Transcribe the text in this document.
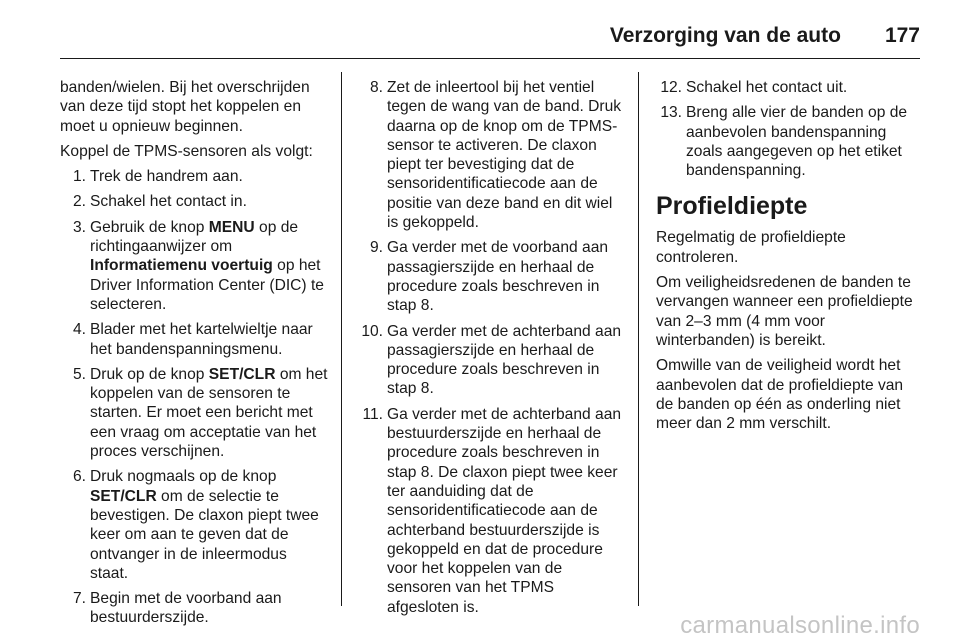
Verzorging van de auto 177

banden/wielen. Bij het overschrijden van deze tijd stopt het koppelen en moet u opnieuw beginnen.

Koppel de TPMS-sensoren als volgt:

1. Trek de handrem aan.
2. Schakel het contact in.
3. Gebruik de knop MENU op de richtingaanwijzer om Informatiemenu voertuig op het Driver Information Center (DIC) te selecteren.
4. Blader met het kartelwieltje naar het bandenspanningsmenu.
5. Druk op de knop SET/CLR om het koppelen van de sensoren te starten. Er moet een bericht met een vraag om acceptatie van het proces verschijnen.
6. Druk nogmaals op de knop SET/CLR om de selectie te bevestigen. De claxon piept twee keer om aan te geven dat de ontvanger in de inleermodus staat.
7. Begin met de voorband aan bestuurderszijde.
8. Zet de inleertool bij het ventiel tegen de wang van de band. Druk daarna op de knop om de TPMS-sensor te activeren. De claxon piept ter bevestiging dat de sensoridentificatiecode aan de positie van deze band en dit wiel is gekoppeld.
9. Ga verder met de voorband aan passagierszijde en herhaal de procedure zoals beschreven in stap 8.
10. Ga verder met de achterband aan passagierszijde en herhaal de procedure zoals beschreven in stap 8.
11. Ga verder met de achterband aan bestuurderszijde en herhaal de procedure zoals beschreven in stap 8. De claxon piept twee keer ter aanduiding dat de sensoridentificatiecode aan de achterband bestuurderszijde is gekoppeld en dat de procedure voor het koppelen van de sensoren van het TPMS afgesloten is.
12. Schakel het contact uit.
13. Breng alle vier de banden op de aanbevolen bandenspanning zoals aangegeven op het etiket bandenspanning.
Profieldiepte

Regelmatig de profieldiepte controleren.

Om veiligheidsredenen de banden te vervangen wanneer een profieldiepte van 2–3 mm (4 mm voor winterbanden) is bereikt.

Omwille van de veiligheid wordt het aanbevolen dat de profieldiepte van de banden op één as onderling niet meer dan 2 mm verschilt.

carmanualsonline.info
